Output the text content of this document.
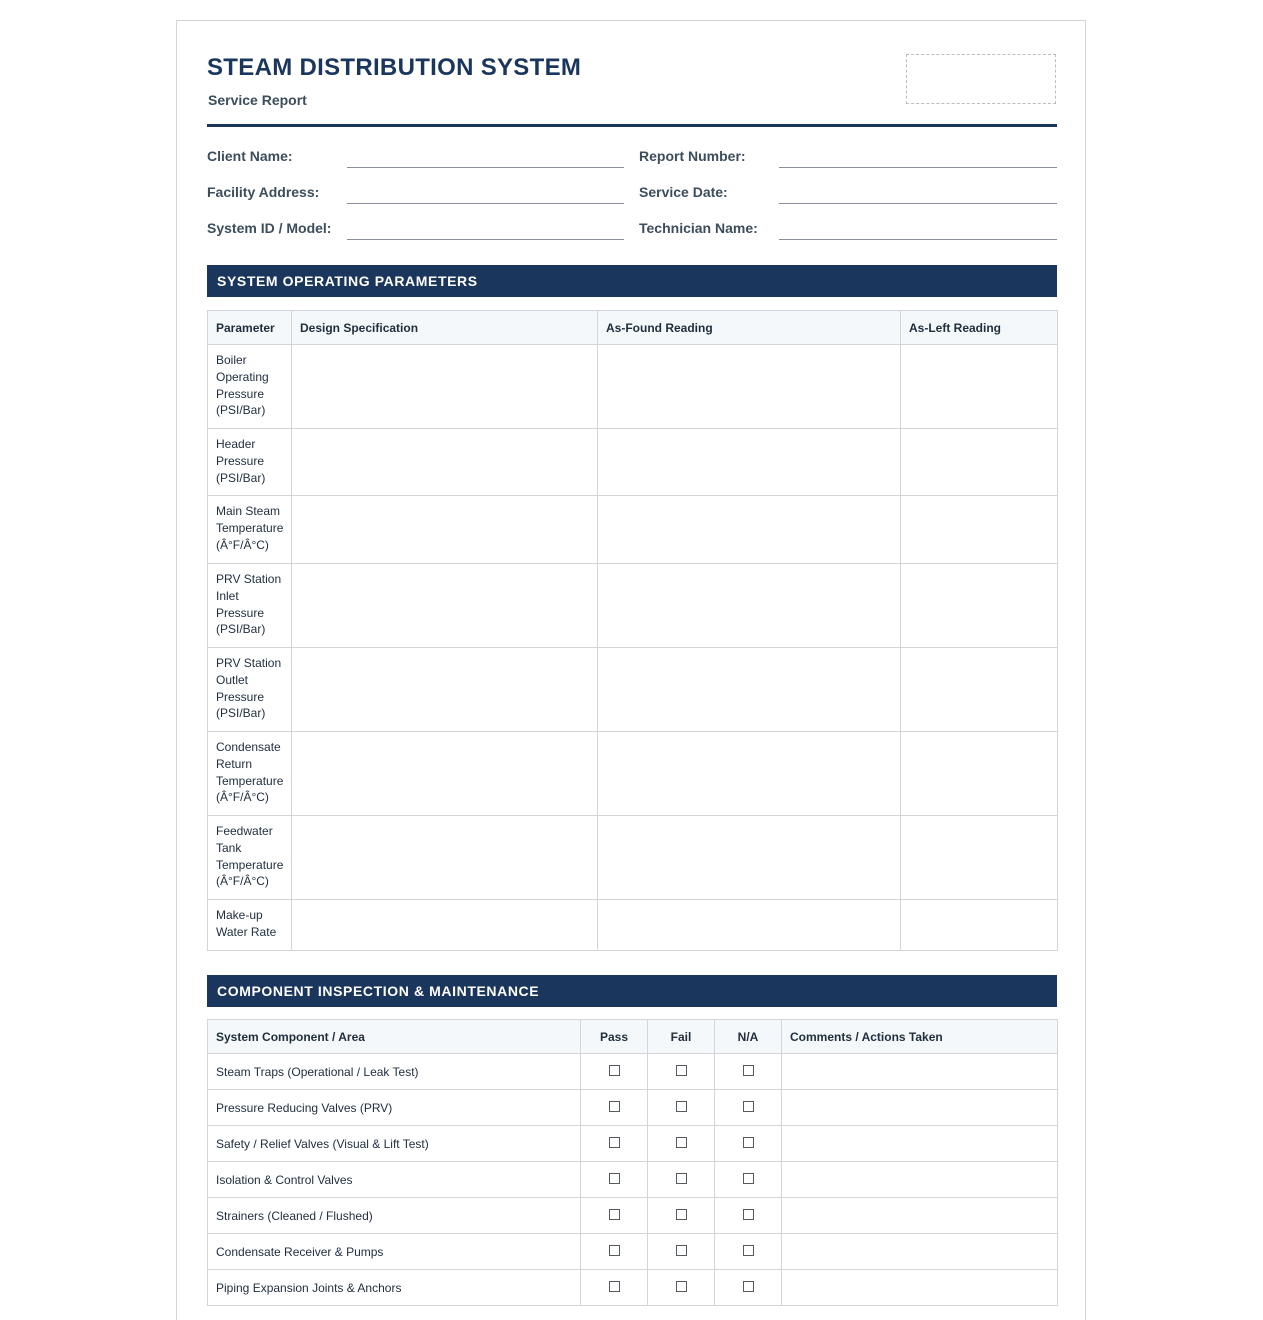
STEAM DISTRIBUTION SYSTEM
Service Report
Client Name:
Facility Address:
System ID / Model:
Report Number:
Service Date:
Technician Name:
SYSTEM OPERATING PARAMETERS
Parameter	Design Specification	As-Found Reading	As-Left Reading
Boiler Operating Pressure (PSI/Bar)			
Header Pressure (PSI/Bar)			
Main Steam Temperature (Â°F/Â°C)			
PRV Station Inlet Pressure (PSI/Bar)			
PRV Station Outlet Pressure (PSI/Bar)			
Condensate Return Temperature (Â°F/Â°C)			
Feedwater Tank Temperature (Â°F/Â°C)			
Make-up Water Rate			
COMPONENT INSPECTION & MAINTENANCE
System Component / Area	Pass	Fail	N/A	Comments / Actions Taken
Steam Traps (Operational / Leak Test)				
Pressure Reducing Valves (PRV)				
Safety / Relief Valves (Visual & Lift Test)				
Isolation & Control Valves				
Strainers (Cleaned / Flushed)				
Condensate Receiver & Pumps				
Piping Expansion Joints & Anchors				
